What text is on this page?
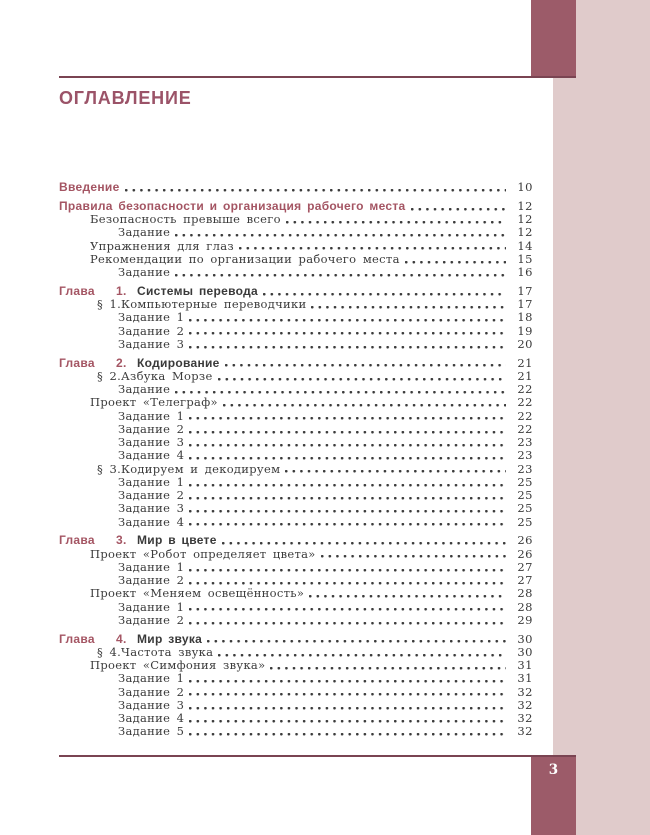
ОГЛАВЛЕНИЕ
Введение	10
Правила безопасности и организация рабочего места	12
Безопасность превыше всего	12
Задание	12
Упражнения для глаз	14
Рекомендации по организации рабочего места	15
Задание	16
Глава 1. Системы перевода	17
§ 1.Компьютерные переводчики	17
Задание 1	18
Задание 2	19
Задание 3	20
Глава 2. Кодирование	21
§ 2.Азбука Морзе	21
Задание	22
Проект «Телеграф»	22
Задание 1	22
Задание 2	22
Задание 3	23
Задание 4	23
§ 3.Кодируем и декодируем	23
Задание 1	25
Задание 2	25
Задание 3	25
Задание 4	25
Глава 3. Мир в цвете	26
Проект «Робот определяет цвета»	26
Задание 1	27
Задание 2	27
Проект «Меняем освещённость»	28
Задание 1	28
Задание 2	29
Глава 4. Мир звука	30
§ 4.Частота звука	30
Проект «Симфония звука»	31
Задание 1	31
Задание 2	32
Задание 3	32
Задание 4	32
Задание 5	32
3
